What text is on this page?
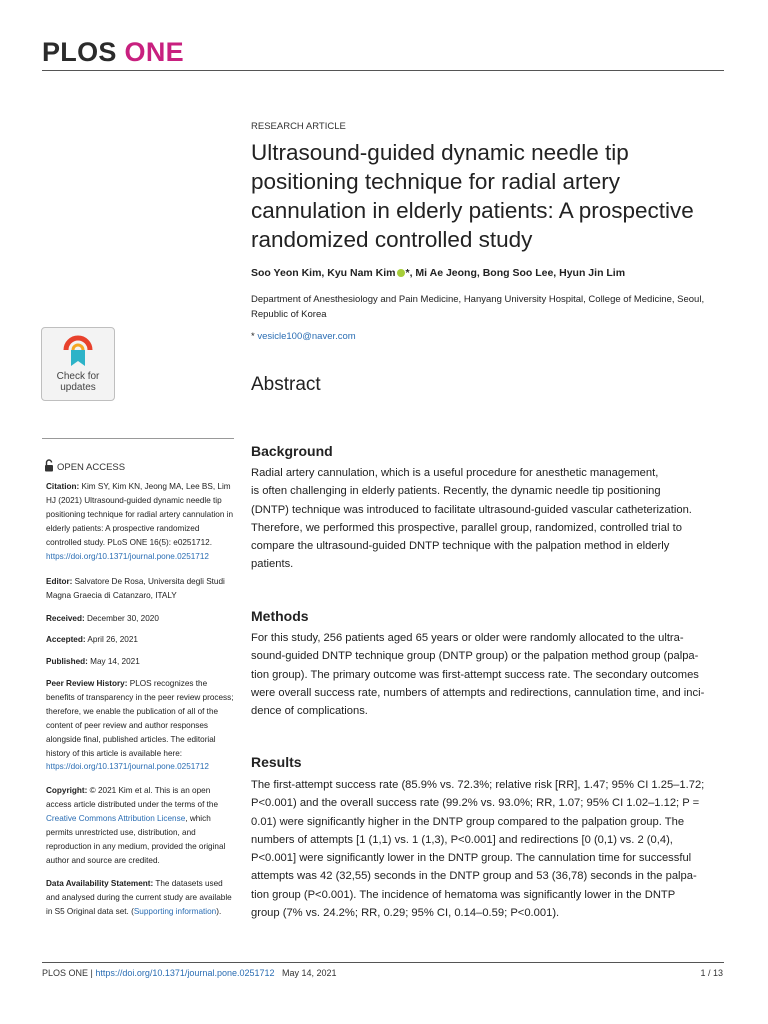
PLOS ONE
RESEARCH ARTICLE
Ultrasound-guided dynamic needle tip positioning technique for radial artery cannulation in elderly patients: A prospective randomized controlled study
Soo Yeon Kim, Kyu Nam Kim *, Mi Ae Jeong, Bong Soo Lee, Hyun Jin Lim
Department of Anesthesiology and Pain Medicine, Hanyang University Hospital, College of Medicine, Seoul, Republic of Korea
* vesicle100@naver.com
Abstract
Background

Radial artery cannulation, which is a useful procedure for anesthetic management,
is often challenging in elderly patients. Recently, the dynamic needle tip positioning
(DNTP) technique was introduced to facilitate ultrasound-guided vascular catheterization.
Therefore, we performed this prospective, parallel group, randomized, controlled trial to
compare the ultrasound-guided DNTP technique with the palpation method in elderly
patients.

Methods

For this study, 256 patients aged 65 years or older were randomly allocated to the ultra-
sound-guided DNTP technique group (DNTP group) or the palpation method group (palpa-
tion group). The primary outcome was first-attempt success rate. The secondary outcomes
were overall success rate, numbers of attempts and redirections, cannulation time, and inci-
dence of complications.

Results

The first-attempt success rate (85.9% vs. 72.3%; relative risk [RR], 1.47; 95% CI 1.25–1.72;
P<0.001) and the overall success rate (99.2% vs. 93.0%; RR, 1.07; 95% CI 1.02–1.12; P =
0.01) were significantly higher in the DNTP group compared to the palpation group. The
numbers of attempts [1 (1,1) vs. 1 (1,3), P<0.001] and redirections [0 (0,1) vs. 2 (0,4),
P<0.001] were significantly lower in the DNTP group. The cannulation time for successful
attempts was 42 (32,55) seconds in the DNTP group and 53 (36,78) seconds in the palpa-
tion group (P<0.001). The incidence of hematoma was significantly lower in the DNTP
group (7% vs. 24.2%; RR, 0.29; 95% CI, 0.14–0.59; P<0.001).

Check for
updates
OPEN ACCESS

Citation: Kim SY, Kim KN, Jeong MA, Lee BS, Lim HJ (2021) Ultrasound-guided dynamic needle tip positioning technique for radial artery cannulation in elderly patients: A prospective randomized controlled study. PLoS ONE 16(5): e0251712. https://doi.org/10.1371/journal.pone.0251712

Editor: Salvatore De Rosa, Universita degli Studi Magna Graecia di Catanzaro, ITALY

Received: December 30, 2020

Accepted: April 26, 2021

Published: May 14, 2021

Peer Review History: PLOS recognizes the benefits of transparency in the peer review process; therefore, we enable the publication of all of the content of peer review and author responses alongside final, published articles. The editorial history of this article is available here: https://doi.org/10.1371/journal.pone.0251712

Copyright: © 2021 Kim et al. This is an open access article distributed under the terms of the Creative Commons Attribution License, which permits unrestricted use, distribution, and reproduction in any medium, provided the original author and source are credited.

Data Availability Statement: The datasets used and analysed during the current study are available in S5 Original data set. (Supporting information).

PLOS ONE | https://doi.org/10.1371/journal.pone.0251712 May 14, 2021	1 / 13
